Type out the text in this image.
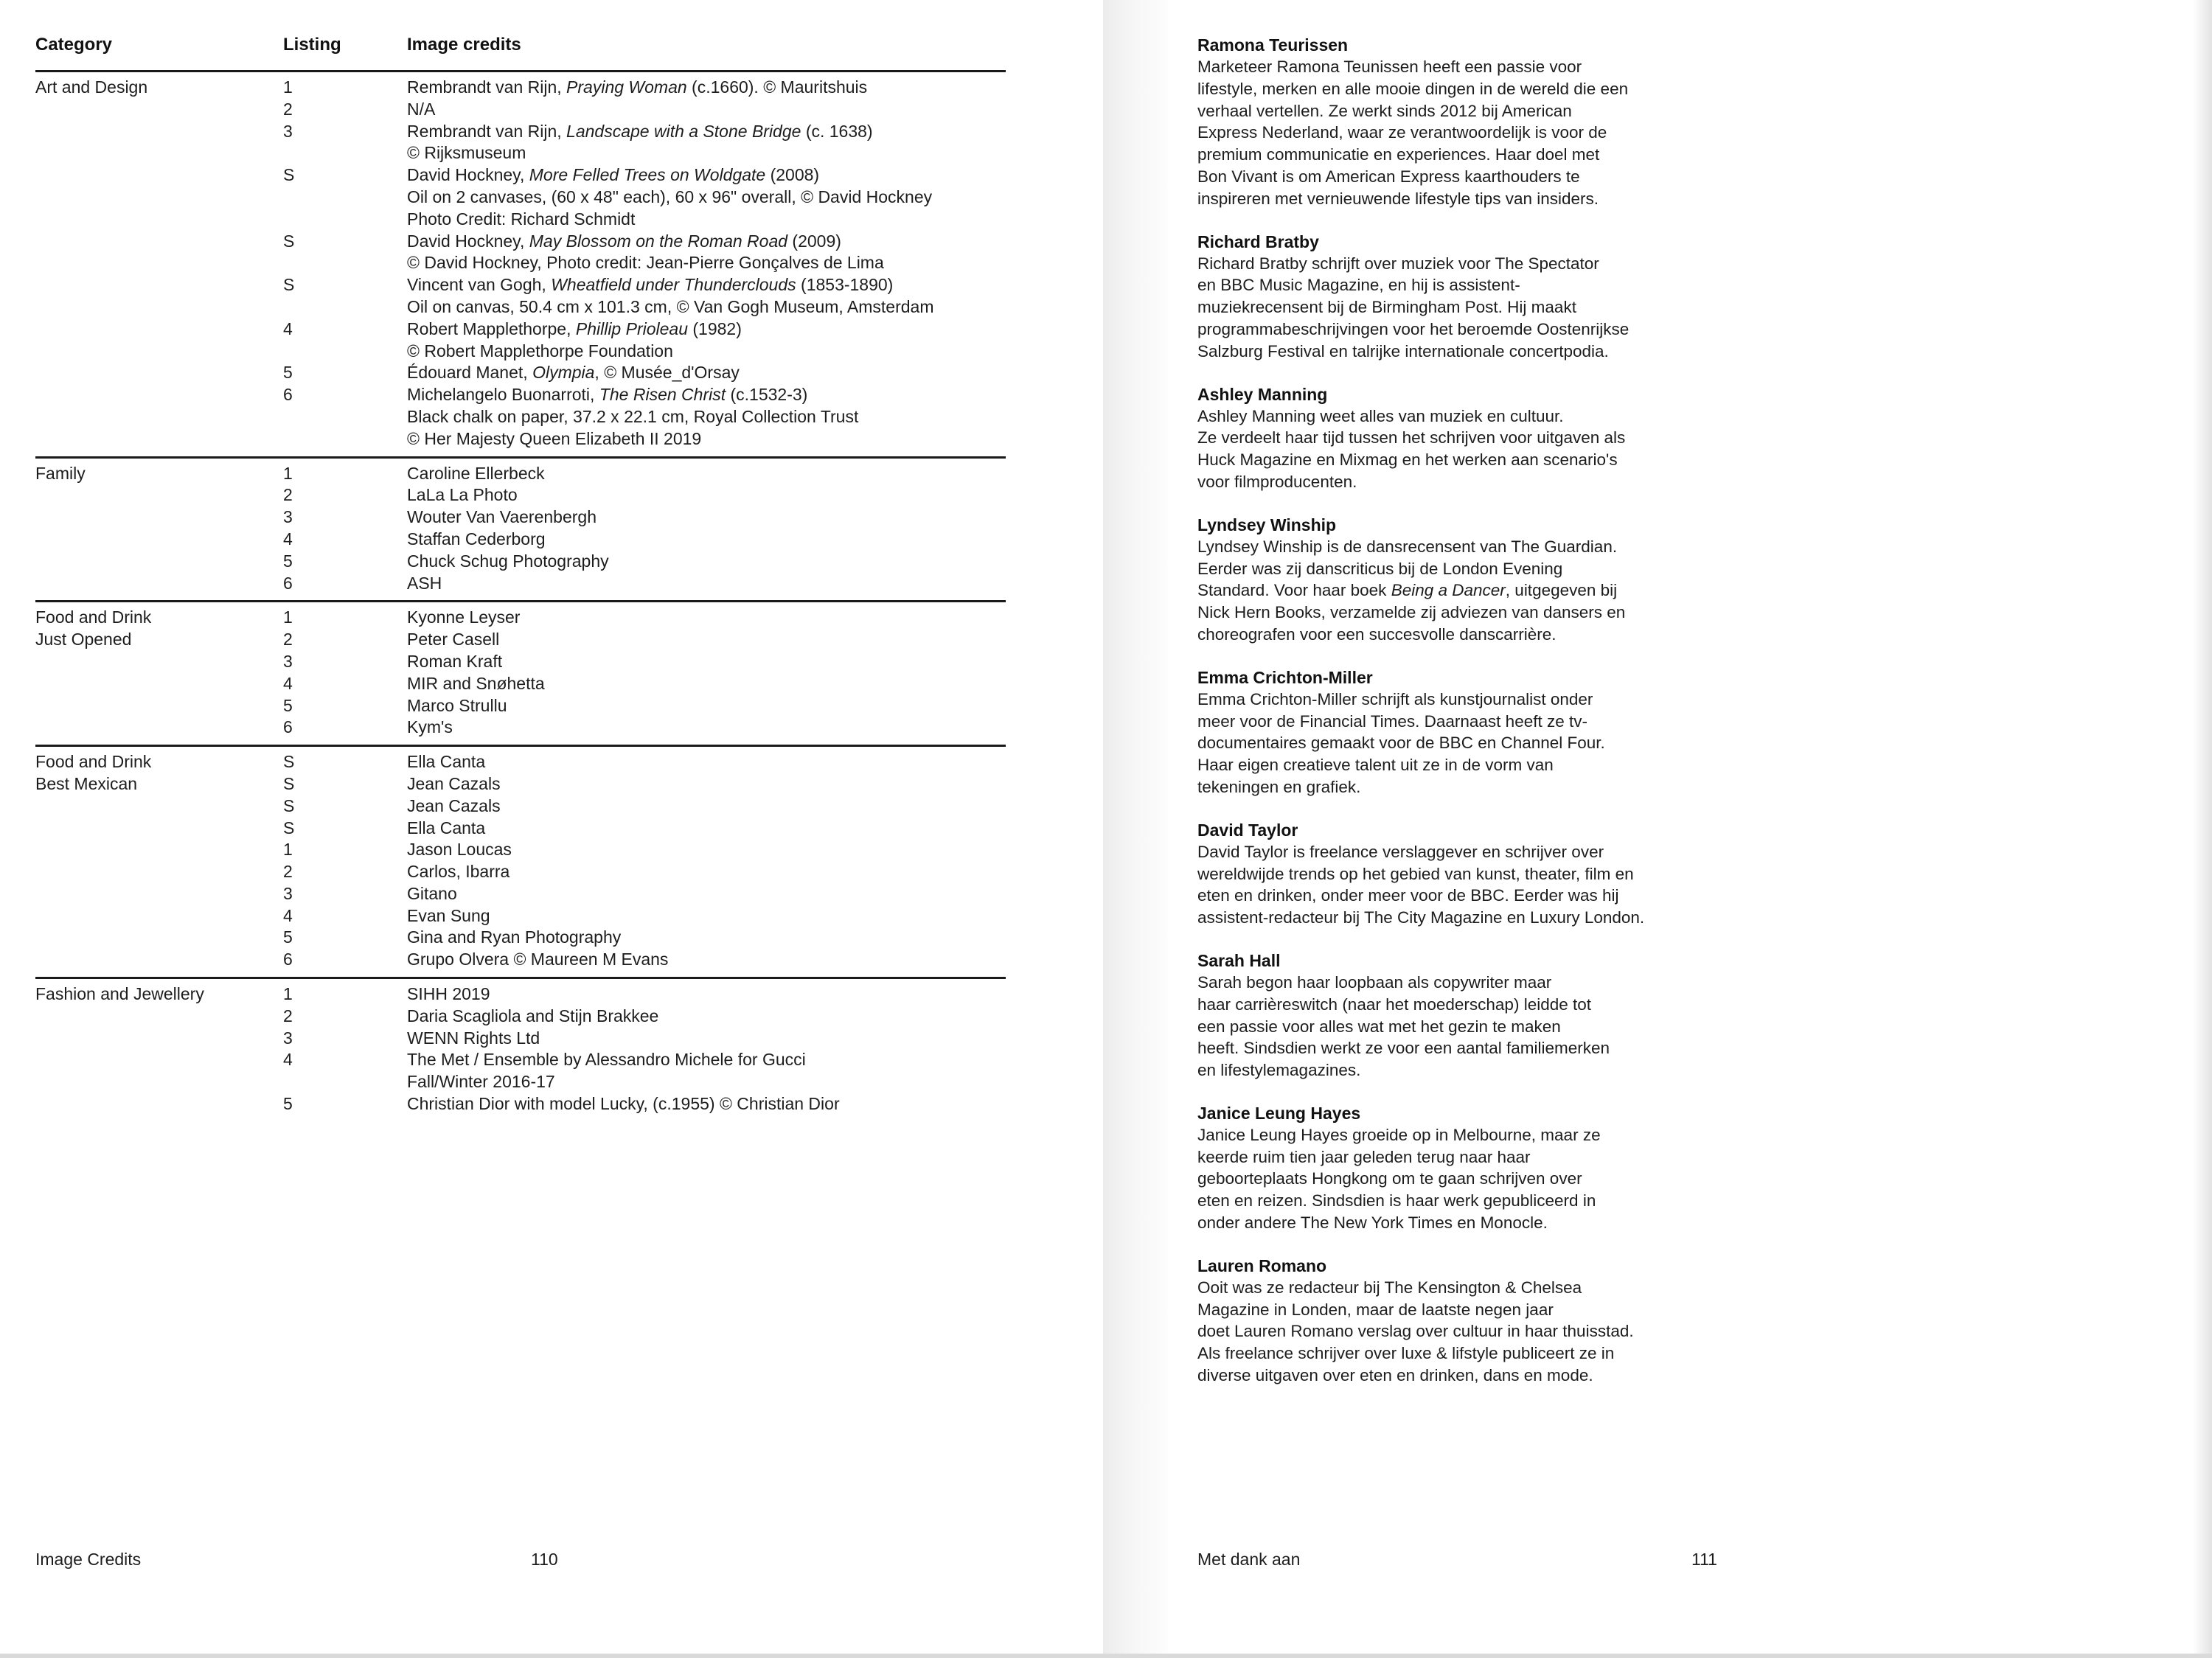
Category	Listing	Image credits
Art and Design	1	Rembrandt van Rijn, Praying Woman (c.1660). © Mauritshuis
2	N/A
3	Rembrandt van Rijn, Landscape with a Stone Bridge (c. 1638)
© Rijksmuseum
S	David Hockney, More Felled Trees on Woldgate (2008)
Oil on 2 canvases, (60 x 48" each), 60 x 96" overall, © David Hockney
Photo Credit: Richard Schmidt
S	David Hockney, May Blossom on the Roman Road (2009)
© David Hockney, Photo credit: Jean-Pierre Gonçalves de Lima
S	Vincent van Gogh, Wheatfield under Thunderclouds (1853-1890)
Oil on canvas, 50.4 cm x 101.3 cm, © Van Gogh Museum, Amsterdam
4	Robert Mapplethorpe, Phillip Prioleau (1982)
© Robert Mapplethorpe Foundation
5	Édouard Manet, Olympia, © Musée_d'Orsay
6	Michelangelo Buonarroti, The Risen Christ (c.1532-3)
Black chalk on paper, 37.2 x 22.1 cm, Royal Collection Trust
© Her Majesty Queen Elizabeth II 2019
Family	1	Caroline Ellerbeck
2	LaLa La Photo
3	Wouter Van Vaerenbergh
4	Staffan Cederborg
5	Chuck Schug Photography
6	ASH
Food and Drink
Just Opened
1	Kyonne Leyser
2	Peter Casell
3	Roman Kraft
4	MIR and Snøhetta
5	Marco Strullu
6	Kym's
Food and Drink
Best Mexican
S	Ella Canta
S	Jean Cazals
S	Jean Cazals
S	Ella Canta
1	Jason Loucas
2	Carlos, Ibarra
3	Gitano
4	Evan Sung
5	Gina and Ryan Photography
6	Grupo Olvera © Maureen M Evans
Fashion and Jewellery	1	SIHH 2019
2	Daria Scagliola and Stijn Brakkee
3	WENN Rights Ltd
4	The Met / Ensemble by Alessandro Michele for Gucci
Fall/Winter 2016-17
5	Christian Dior with model Lucky, (c.1955) © Christian Dior
Image Credits	110
Ramona Teurissen
Marketeer Ramona Teunissen heeft een passie voor
lifestyle, merken en alle mooie dingen in de wereld die een
verhaal vertellen. Ze werkt sinds 2012 bij American
Express Nederland, waar ze verantwoordelijk is voor de
premium communicatie en experiences. Haar doel met
Bon Vivant is om American Express kaarthouders te
inspireren met vernieuwende lifestyle tips van insiders.
Richard Bratby
Richard Bratby schrijft over muziek voor The Spectator
en BBC Music Magazine, en hij is assistent-
muziekrecensent bij de Birmingham Post. Hij maakt
programmabeschrijvingen voor het beroemde Oostenrijkse
Salzburg Festival en talrijke internationale concertpodia.
Ashley Manning
Ashley Manning weet alles van muziek en cultuur.
Ze verdeelt haar tijd tussen het schrijven voor uitgaven als
Huck Magazine en Mixmag en het werken aan scenario's
voor filmproducenten.
Lyndsey Winship
Lyndsey Winship is de dansrecensent van The Guardian.
Eerder was zij danscriticus bij de London Evening
Standard. Voor haar boek Being a Dancer, uitgegeven bij
Nick Hern Books, verzamelde zij adviezen van dansers en
choreografen voor een succesvolle danscarrière.
Emma Crichton-Miller
Emma Crichton-Miller schrijft als kunstjournalist onder
meer voor de Financial Times. Daarnaast heeft ze tv-
documentaires gemaakt voor de BBC en Channel Four.
Haar eigen creatieve talent uit ze in de vorm van
tekeningen en grafiek.
David Taylor
David Taylor is freelance verslaggever en schrijver over
wereldwijde trends op het gebied van kunst, theater, film en
eten en drinken, onder meer voor de BBC. Eerder was hij
assistent-redacteur bij The City Magazine en Luxury London.
Sarah Hall
Sarah begon haar loopbaan als copywriter maar
haar carrièreswitch (naar het moederschap) leidde tot
een passie voor alles wat met het gezin te maken
heeft. Sindsdien werkt ze voor een aantal familiemerken
en lifestylemagazines.
Janice Leung Hayes
Janice Leung Hayes groeide op in Melbourne, maar ze
keerde ruim tien jaar geleden terug naar haar
geboorteplaats Hongkong om te gaan schrijven over
eten en reizen. Sindsdien is haar werk gepubliceerd in
onder andere The New York Times en Monocle.
Lauren Romano
Ooit was ze redacteur bij The Kensington & Chelsea
Magazine in Londen, maar de laatste negen jaar
doet Lauren Romano verslag over cultuur in haar thuisstad.
Als freelance schrijver over luxe & lifstyle publiceert ze in
diverse uitgaven over eten en drinken, dans en mode.
Met dank aan	111
